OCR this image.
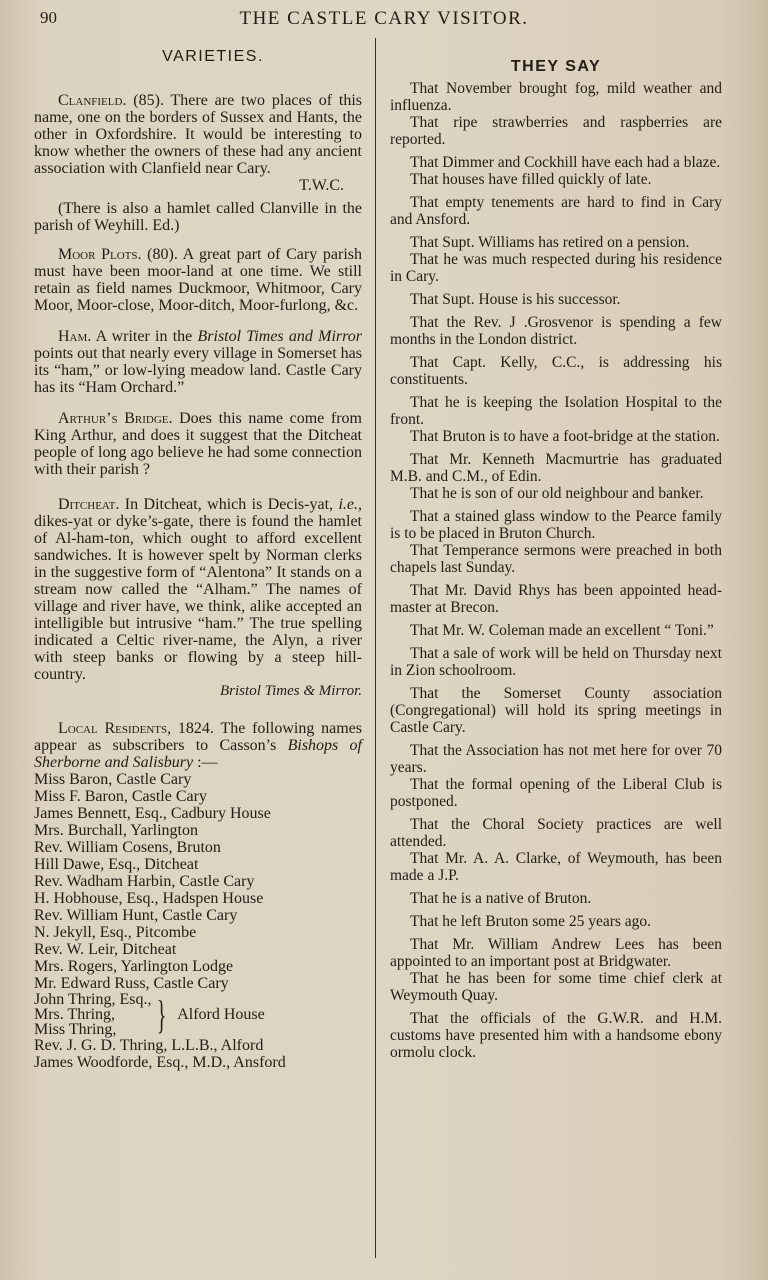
90	THE CASTLE CARY VISITOR.
VARIETIES.

Clanfield. (85). There are two places of this name, one on the borders of Sussex and Hants, the other in Oxfordshire. It would be interesting to know whether the owners of these had any ancient association with Clanfield near Cary.

T.W.C.

(There is also a hamlet called Clanville in the parish of Weyhill. Ed.)

Moor Plots. (80). A great part of Cary parish must have been moor-land at one time. We still retain as field names Duckmoor, Whitmoor, Cary Moor, Moor-close, Moor-ditch, Moor-furlong, &c.

Ham. A writer in the Bristol Times and Mirror points out that nearly every village in Somerset has its “ham,” or low-lying meadow land. Castle Cary has its “Ham Orchard.”

Arthur’s Bridge. Does this name come from King Arthur, and does it suggest that the Ditcheat people of long ago believe he had some connection with their parish ?

Ditcheat. In Ditcheat, which is Decis-yat, i.e., dikes-yat or dyke’s-gate, there is found the hamlet of Al-ham-ton, which ought to afford excellent sandwiches. It is however spelt by Norman clerks in the suggestive form of “Alentona” It stands on a stream now called the “Alham.” The names of village and river have, we think, alike accepted an intelligible but intrusive “ham.” The true spelling indicated a Celtic river-name, the Alyn, a river with steep banks or flowing by a steep hill-country.

Bristol Times & Mirror.

Local Residents, 1824. The following names appear as subscribers to Casson’s Bishops of Sherborne and Salisbury :—

Miss Baron, Castle Cary
Miss F. Baron, Castle Cary
James Bennett, Esq., Cadbury House
Mrs. Burchall, Yarlington
Rev. William Cosens, Bruton
Hill Dawe, Esq., Ditcheat
Rev. Wadham Harbin, Castle Cary
H. Hobhouse, Esq., Hadspen House
Rev. William Hunt, Castle Cary
N. Jekyll, Esq., Pitcombe
Rev. W. Leir, Ditcheat
Mrs. Rogers, Yarlington Lodge
Mr. Edward Russ, Castle Cary
John Thring, Esq.,
Mrs. Thring,
Miss Thring,	} Alford House
Rev. J. G. D. Thring, L.L.B., Alford
James Woodforde, Esq., M.D., Ansford
THEY SAY

That November brought fog, mild weather and influenza.

That ripe strawberries and raspberries are reported.

That Dimmer and Cockhill have each had a blaze.

That houses have filled quickly of late.

That empty tenements are hard to find in Cary and Ansford.

That Supt. Williams has retired on a pension.

That he was much respected during his residence in Cary.

That Supt. House is his successor.

That the Rev. J .Grosvenor is spending a few months in the London district.

That Capt. Kelly, C.C., is addressing his constituents.

That he is keeping the Isolation Hospital to the front.

That Bruton is to have a foot-bridge at the station.

That Mr. Kenneth Macmurtrie has graduated M.B. and C.M., of Edin.

That he is son of our old neighbour and banker.

That a stained glass window to the Pearce family is to be placed in Bruton Church.

That Temperance sermons were preached in both chapels last Sunday.

That Mr. David Rhys has been appointed head-master at Brecon.

That Mr. W. Coleman made an excellent “ Toni.”

That a sale of work will be held on Thursday next in Zion schoolroom.

That the Somerset County association (Congregational) will hold its spring meetings in Castle Cary.

That the Association has not met here for over 70 years.

That the formal opening of the Liberal Club is postponed.

That the Choral Society practices are well attended.

That Mr. A. A. Clarke, of Weymouth, has been made a J.P.

That he is a native of Bruton.

That he left Bruton some 25 years ago.

That Mr. William Andrew Lees has been appointed to an important post at Bridgwater.

That he has been for some time chief clerk at Weymouth Quay.

That the officials of the G.W.R. and H.M. customs have presented him with a handsome ebony ormolu clock.
